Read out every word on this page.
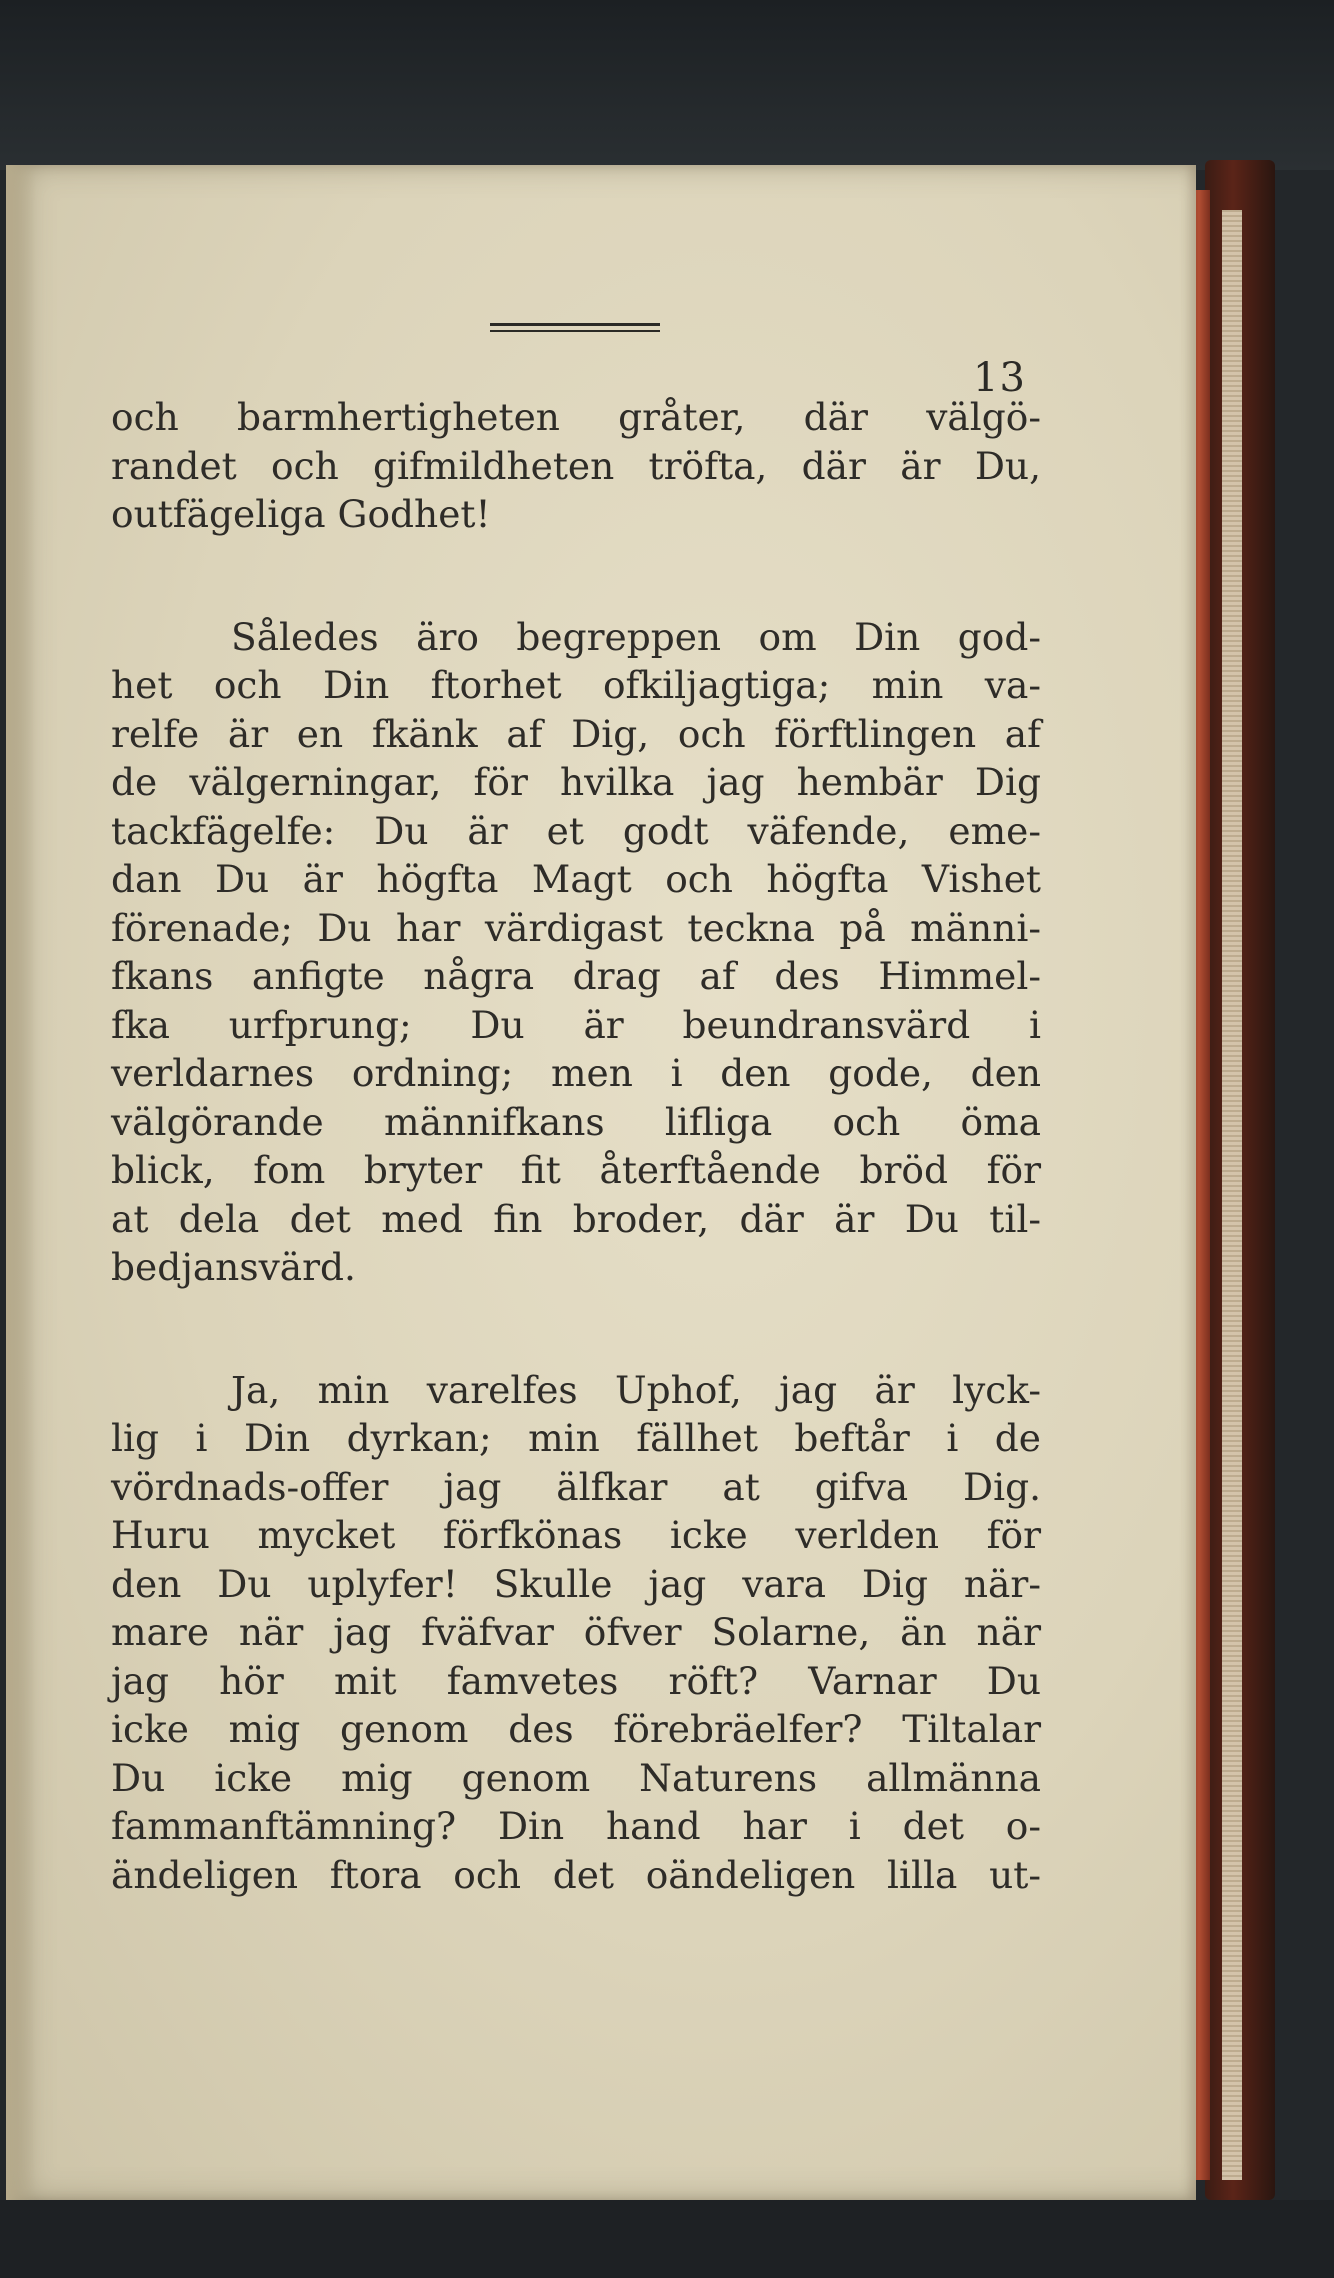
13
och barmhertigheten gråter, där välgö-
randet och gifmildheten tröfta, där är Du,
outfägeliga Godhet!
Således äro begreppen om Din god-
het och Din ftorhet ofkiljagtiga; min va-
relfe är en fkänk af Dig, och förftlingen af
de välgerningar, för hvilka jag hembär Dig
tackfägelfe: Du är et godt väfende, eme-
dan Du är högfta Magt och högfta Vishet
förenade; Du har värdigast teckna på männi-
fkans anfigte några drag af des Himmel-
fka urfprung; Du är beundransvärd i
verldarnes ordning; men i den gode, den
välgörande männifkans lifliga och öma
blick, fom bryter fit återftående bröd för
at dela det med fin broder, där är Du til-
bedjansvärd.
Ja, min varelfes Uphof, jag är lyck-
lig i Din dyrkan; min fällhet beftår i de
vördnads-offer jag älfkar at gifva Dig.
Huru mycket förfkönas icke verlden för
den Du uplyfer! Skulle jag vara Dig när-
mare när jag fväfvar öfver Solarne, än när
jag hör mit famvetes röft? Varnar Du
icke mig genom des förebräelfer? Tiltalar
Du icke mig genom Naturens allmänna
fammanftämning? Din hand har i det o-
ändeligen ftora och det oändeligen lilla ut-
